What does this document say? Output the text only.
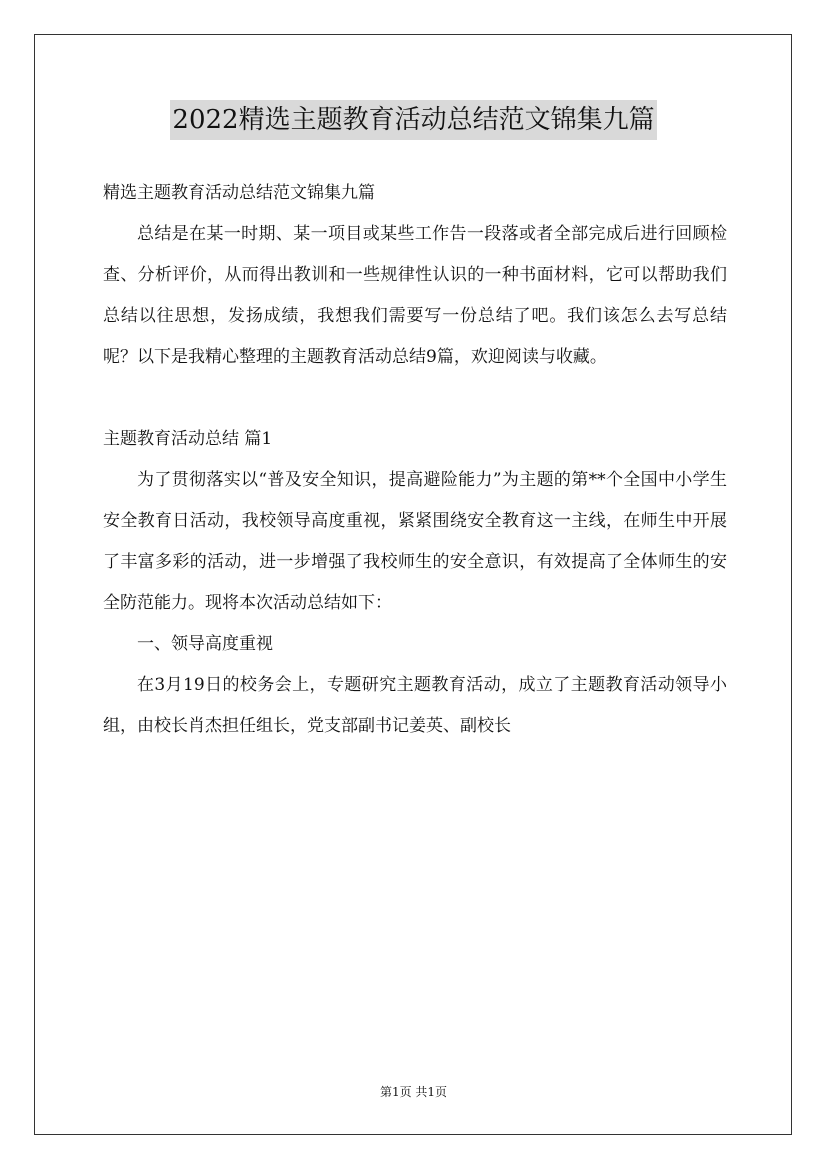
2022精选主题教育活动总结范文锦集九篇

精选主题教育活动总结范文锦集九篇

总结是在某一时期、某一项目或某些工作告一段落或者全部完成后进行回顾检查、分析评价，从而得出教训和一些规律性认识的一种书面材料，它可以帮助我们总结以往思想，发扬成绩，我想我们需要写一份总结了吧。我们该怎么去写总结呢？以下是我精心整理的主题教育活动总结9篇，欢迎阅读与收藏。

主题教育活动总结 篇1

为了贯彻落实以“普及安全知识，提高避险能力”为主题的第**个全国中小学生安全教育日活动，我校领导高度重视，紧紧围绕安全教育这一主线，在师生中开展了丰富多彩的活动，进一步增强了我校师生的安全意识，有效提高了全体师生的安全防范能力。现将本次活动总结如下：

一、领导高度重视

在3月19日的校务会上，专题研究主题教育活动，成立了主题教育活动领导小组，由校长肖杰担任组长，党支部副书记姜英、副校长

第1页 共1页
